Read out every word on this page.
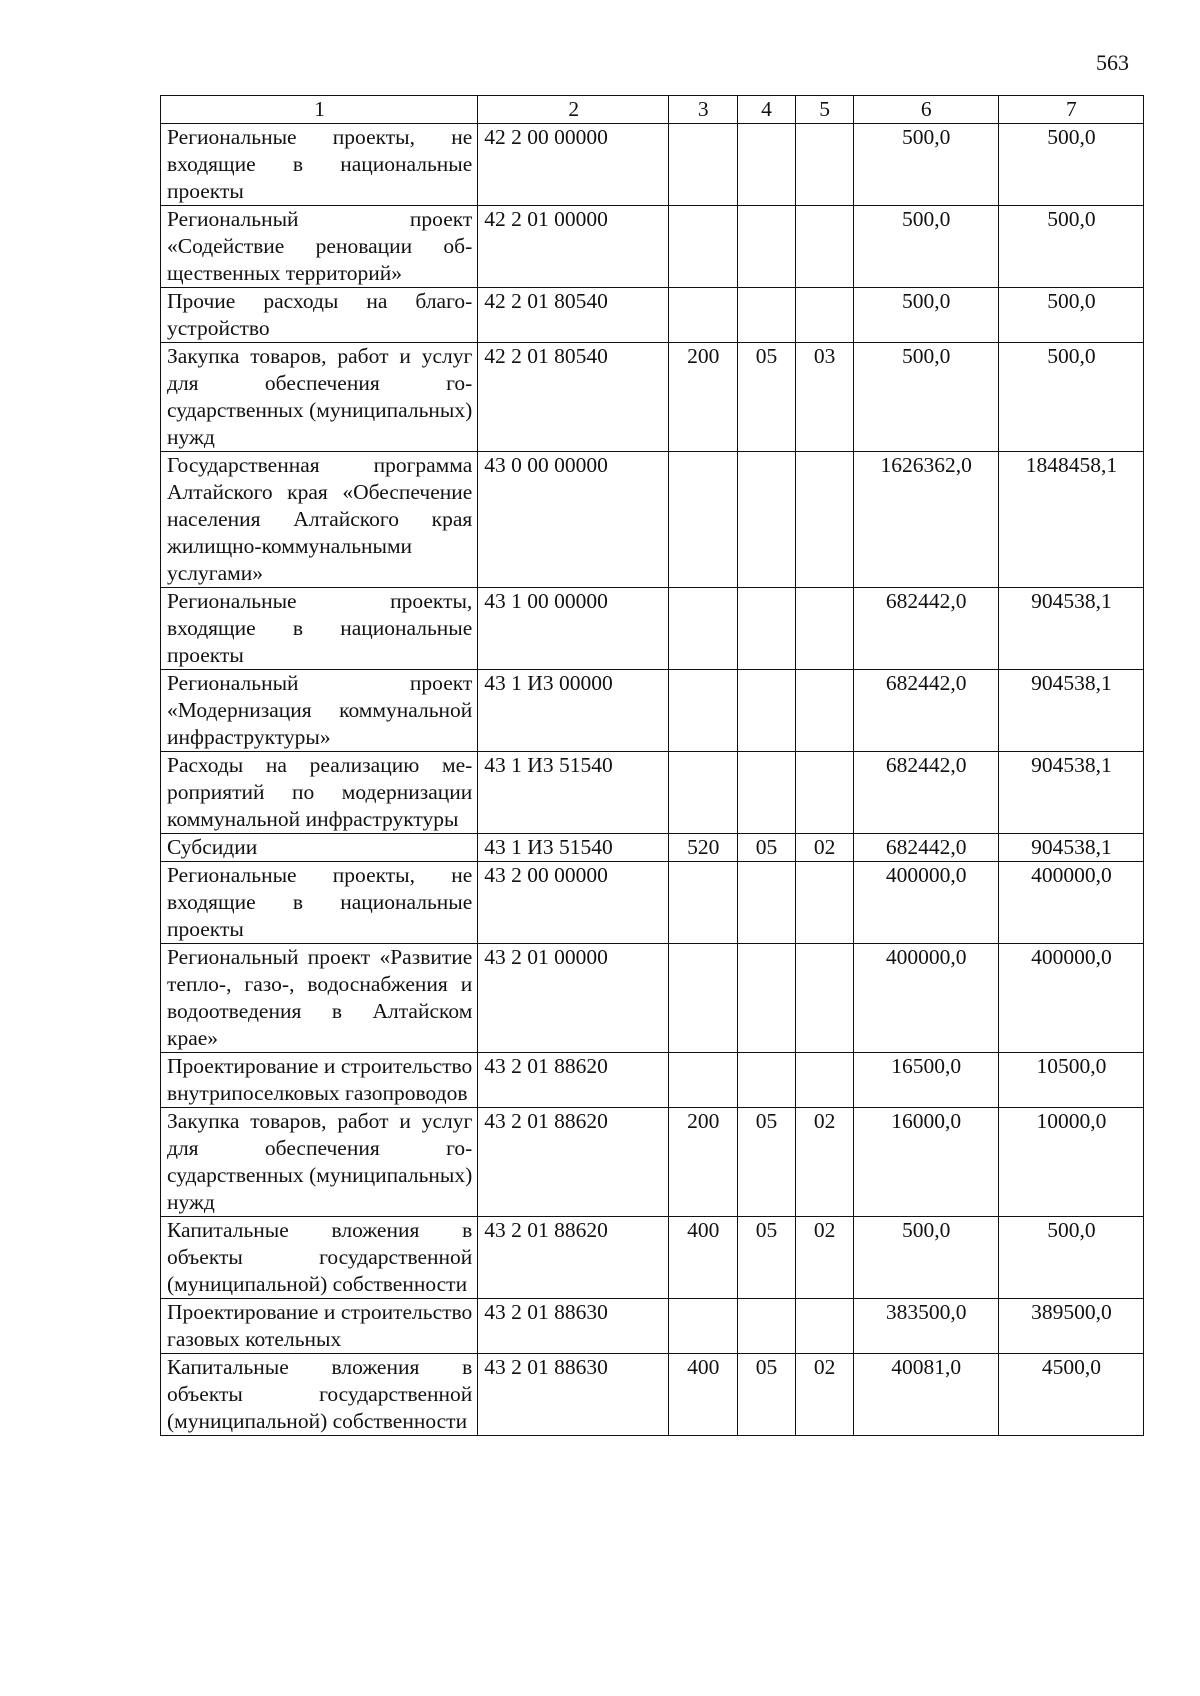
563
1	2	3	4	5	6	7
Региональные проекты, не входящие в национальные проекты	42 2 00 00000				500,0	500,0
Региональный проект «Содействие реновации общественных территорий»	42 2 01 00000				500,0	500,0
Прочие расходы на благоустройство	42 2 01 80540				500,0	500,0
Закупка товаров, работ и услуг для обеспечения государственных (муниципальных) нужд	42 2 01 80540	200	05	03	500,0	500,0
Государственная программа Алтайского края «Обеспечение населения Алтайского края жилищно-коммунальными услугами»	43 0 00 00000				1626362,0	1848458,1
Региональные проекты, входящие в национальные проекты	43 1 00 00000				682442,0	904538,1
Региональный проект «Модернизация коммунальной инфраструктуры»	43 1 И3 00000				682442,0	904538,1
Расходы на реализацию мероприятий по модернизации коммунальной инфраструктуры	43 1 И3 51540				682442,0	904538,1
Субсидии	43 1 И3 51540	520	05	02	682442,0	904538,1
Региональные проекты, не входящие в национальные проекты	43 2 00 00000				400000,0	400000,0
Региональный проект «Развитие тепло-, газо-, водоснабжения и водоотведения в Алтайском крае»	43 2 01 00000				400000,0	400000,0
Проектирование и строительство внутрипоселковых газопроводов	43 2 01 88620				16500,0	10500,0
Закупка товаров, работ и услуг для обеспечения государственных (муниципальных) нужд	43 2 01 88620	200	05	02	16000,0	10000,0
Капитальные вложения в объекты государственной (муниципальной) собственности	43 2 01 88620	400	05	02	500,0	500,0
Проектирование и строительство газовых котельных	43 2 01 88630				383500,0	389500,0
Капитальные вложения в объекты государственной (муниципальной) собственности	43 2 01 88630	400	05	02	40081,0	4500,0
